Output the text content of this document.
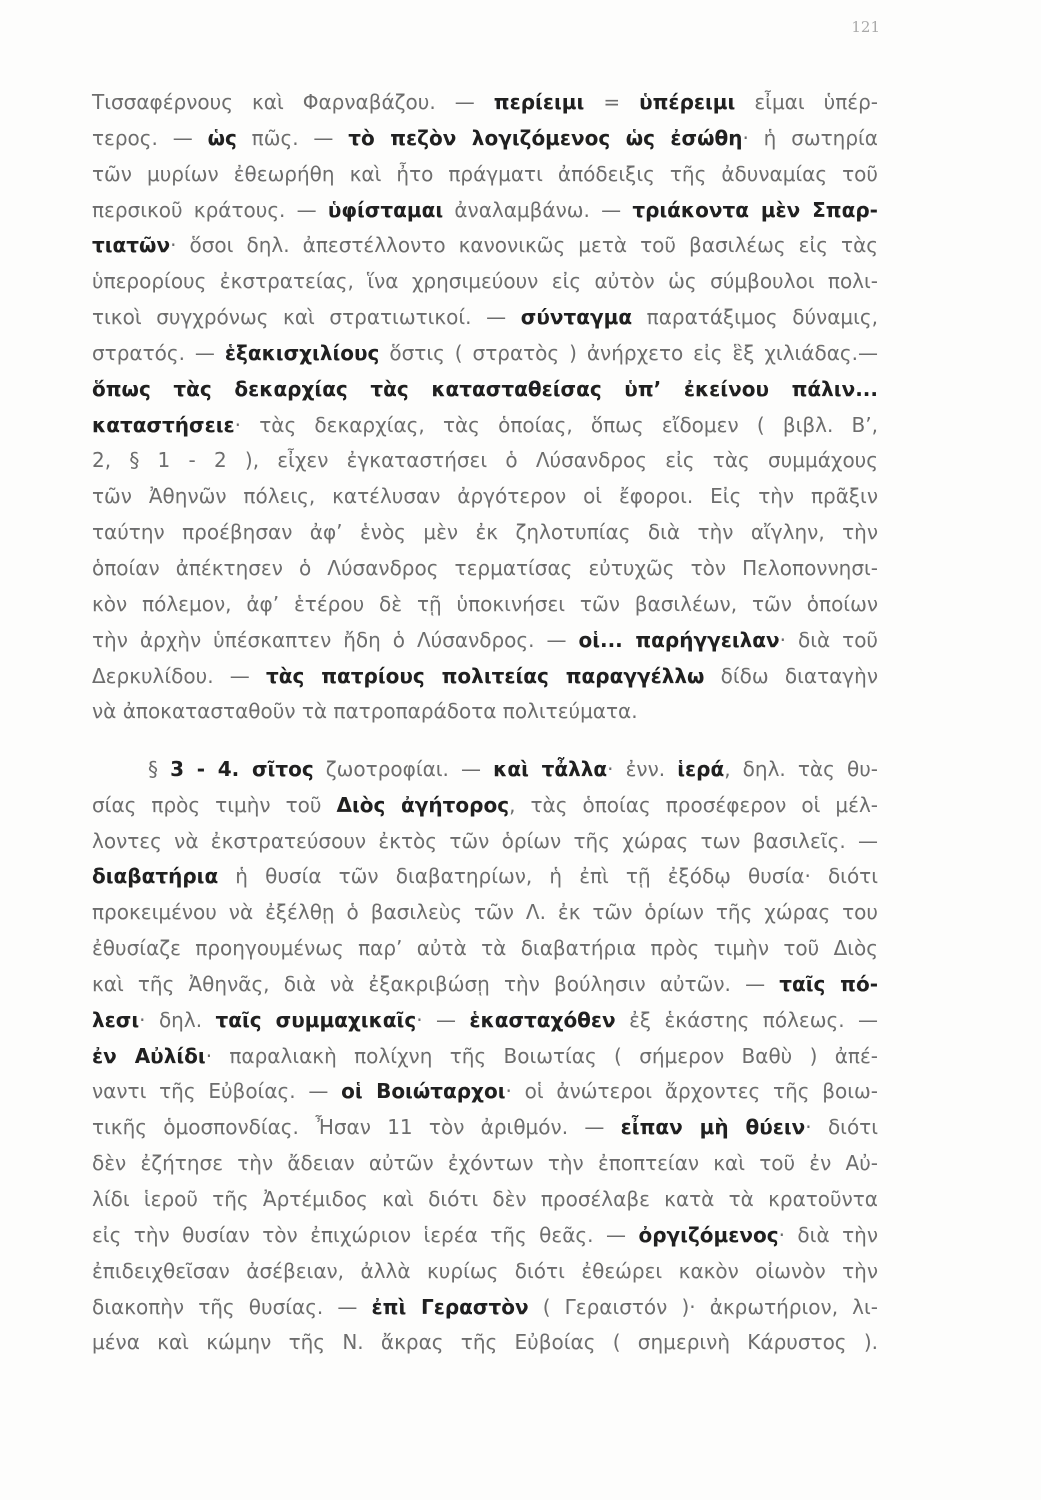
121
Τισσαφέρνους καὶ Φαρναβάζου. — περίειμι = ὑπέρειμι εἶμαι ὑπέρ-
τερος. — ὡς πῶς. — τὸ πεζὸν λογιζόμενος ὡς ἐσώθη· ἡ σωτηρία
τῶν μυρίων ἐθεωρήθη καὶ ἦτο πράγματι ἀπόδειξις τῆς ἀδυναμίας τοῦ
περσικοῦ κράτους. — ὑφίσταμαι ἀναλαμβάνω. — τριάκοντα μὲν Σπαρ-
τιατῶν· ὅσοι δηλ. ἀπεστέλλοντο κανονικῶς μετὰ τοῦ βασιλέως εἰς τὰς
ὑπερορίους ἐκστρατείας, ἵνα χρησιμεύουν εἰς αὐτὸν ὡς σύμβουλοι πολι-
τικοὶ συγχρόνως καὶ στρατιωτικοί. — σύνταγμα παρατάξιμος δύναμις,
στρατός. — ἑξακισχιλίους ὅστις ( στρατὸς ) ἀνήρχετο εἰς ἓξ χιλιάδας.—
ὅπως τὰς δεκαρχίας τὰς κατασταθείσας ὑπ’ ἐκείνου πάλιν...
καταστήσειε· τὰς δεκαρχίας, τὰς ὁποίας, ὅπως εἴδομεν ( βιβλ. Β’,
2, § 1 - 2 ), εἶχεν ἐγκαταστήσει ὁ Λύσανδρος εἰς τὰς συμμάχους
τῶν Ἀθηνῶν πόλεις, κατέλυσαν ἀργότερον οἱ ἔφοροι. Εἰς τὴν πρᾶξιν
ταύτην προέβησαν ἀφ’ ἑνὸς μὲν ἐκ ζηλοτυπίας διὰ τὴν αἴγλην, τὴν
ὁποίαν ἀπέκτησεν ὁ Λύσανδρος τερματίσας εὐτυχῶς τὸν Πελοποννησι-
κὸν πόλεμον, ἀφ’ ἑτέρου δὲ τῇ ὑποκινήσει τῶν βασιλέων, τῶν ὁποίων
τὴν ἀρχὴν ὑπέσκαπτεν ἤδη ὁ Λύσανδρος. — οἱ... παρήγγειλαν· διὰ τοῦ
Δερκυλίδου. — τὰς πατρίους πολιτείας παραγγέλλω δίδω διαταγὴν
νὰ ἀποκατασταθοῦν τὰ πατροπαράδοτα πολιτεύματα.
§ 3 - 4. σῖτος ζωοτροφίαι. — καὶ τἆλλα· ἐνν. ἱερά, δηλ. τὰς θυ-
σίας πρὸς τιμὴν τοῦ Διὸς ἀγήτορος, τὰς ὁποίας προσέφερον οἱ μέλ-
λοντες νὰ ἐκστρατεύσουν ἐκτὸς τῶν ὁρίων τῆς χώρας των βασιλεῖς. —
διαβατήρια ἡ θυσία τῶν διαβατηρίων, ἡ ἐπὶ τῇ ἐξόδῳ θυσία· διότι
προκειμένου νὰ ἐξέλθῃ ὁ βασιλεὺς τῶν Λ. ἐκ τῶν ὁρίων τῆς χώρας του
ἐθυσίαζε προηγουμένως παρ’ αὐτὰ τὰ διαβατήρια πρὸς τιμὴν τοῦ Διὸς
καὶ τῆς Ἀθηνᾶς, διὰ νὰ ἐξακριβώσῃ τὴν βούλησιν αὐτῶν. — ταῖς πό-
λεσι· δηλ. ταῖς συμμαχικαῖς· — ἑκασταχόθεν ἐξ ἑκάστης πόλεως. —
ἐν Αὐλίδι· παραλιακὴ πολίχνη τῆς Βοιωτίας ( σήμερον Βαθὺ ) ἀπέ-
ναντι τῆς Εὐβοίας. — οἱ Βοιώταρχοι· οἱ ἀνώτεροι ἄρχοντες τῆς βοιω-
τικῆς ὁμοσπονδίας. Ἦσαν 11 τὸν ἀριθμόν. — εἶπαν μὴ θύειν· διότι
δὲν ἐζήτησε τὴν ἄδειαν αὐτῶν ἐχόντων τὴν ἐποπτείαν καὶ τοῦ ἐν Αὐ-
λίδι ἱεροῦ τῆς Ἀρτέμιδος καὶ διότι δὲν προσέλαβε κατὰ τὰ κρατοῦντα
εἰς τὴν θυσίαν τὸν ἐπιχώριον ἱερέα τῆς θεᾶς. — ὀργιζόμενος· διὰ τὴν
ἐπιδειχθεῖσαν ἀσέβειαν, ἀλλὰ κυρίως διότι ἐθεώρει κακὸν οἰωνὸν τὴν
διακοπὴν τῆς θυσίας. — ἐπὶ Γεραστὸν ( Γεραιστόν )· ἀκρωτήριον, λι-
μένα καὶ κώμην τῆς Ν. ἄκρας τῆς Εὐβοίας ( σημερινὴ Κάρυστος ).
